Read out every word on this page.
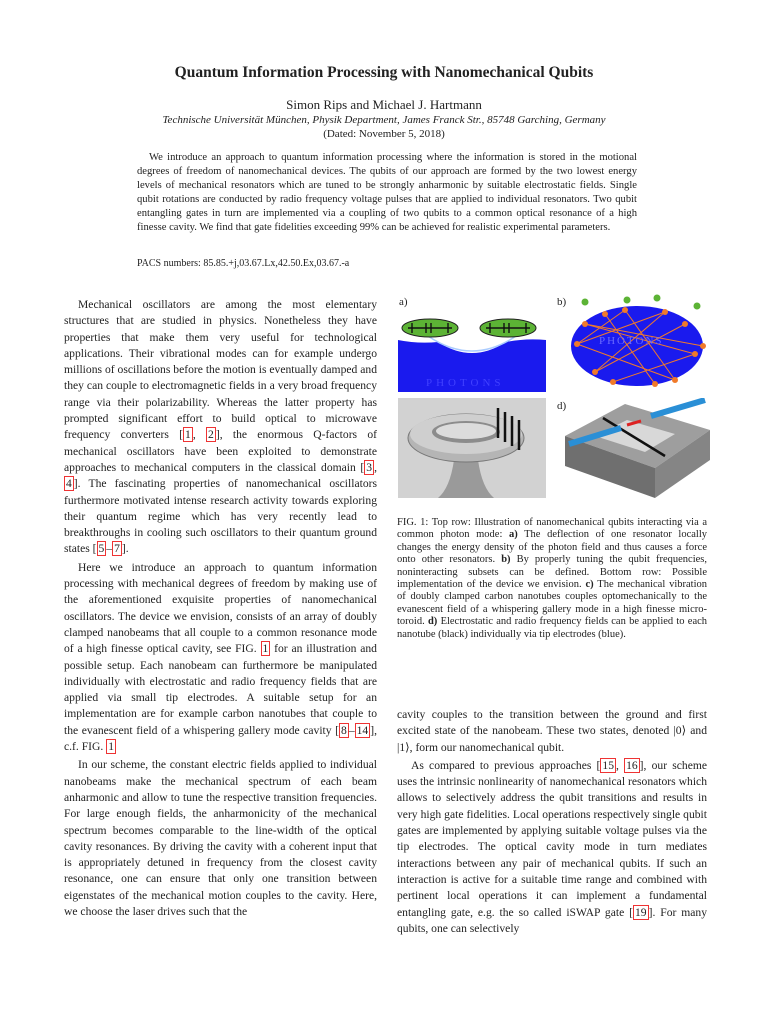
Quantum Information Processing with Nanomechanical Qubits
Simon Rips and Michael J. Hartmann
Technische Universität München, Physik Department, James Franck Str., 85748 Garching, Germany
(Dated: November 5, 2018)

We introduce an approach to quantum information processing where the information is stored in the motional degrees of freedom of nanomechanical devices. The qubits of our approach are formed by the two lowest energy levels of mechanical resonators which are tuned to be strongly anharmonic by suitable electrostatic fields. Single qubit rotations are conducted by radio frequency voltage pulses that are applied to individual resonators. Two qubit entangling gates in turn are implemented via a coupling of two qubits to a common optical resonance of a high finesse cavity. We find that gate fidelities exceeding 99% can be achieved for realistic experimental parameters.

PACS numbers: 85.85.+j,03.67.Lx,42.50.Ex,03.67.-a

Mechanical oscillators are among the most elementary structures that are studied in physics. Nonetheless they have properties that make them very useful for technological applications. Their vibrational modes can for example undergo millions of oscillations before the motion is eventually damped and they can couple to electromagnetic fields in a very broad frequency range via their polarizability. Whereas the latter property has prompted significant effort to build optical to microwave frequency converters [ 1 , 2 ], the enormous Q-factors of mechanical oscillators have been exploited to demonstrate approaches to mechanical computers in the classical domain [ 3 , 4 ]. The fascinating properties of nanomechanical oscillators furthermore motivated intense research activity towards exploring their quantum regime which has very recently lead to breakthroughs in cooling such oscillators to their quantum ground states [ 5 – 7 ].

Here we introduce an approach to quantum information processing with mechanical degrees of freedom by making use of the aforementioned exquisite properties of nanomechanical oscillators. The device we envision, consists of an array of doubly clamped nanobeams that all couple to a common resonance mode of a high finesse optical cavity, see FIG. 1 for an illustration and possible setup. Each nanobeam can furthermore be manipulated individually with electrostatic and radio frequency fields that are applied via small tip electrodes. A suitable setup for an implementation are for example carbon nanotubes that couple to the evanescent field of a whispering gallery mode cavity [ 8 – 14 ], c.f. FIG. 1

In our scheme, the constant electric fields applied to individual nanobeams make the mechanical spectrum of each beam anharmonic and allow to tune the respective transition frequencies. For large enough fields, the anharmonicity of the mechanical spectrum becomes comparable to the line-width of the optical cavity resonances. By driving the cavity with a coherent input that is appropriately detuned in frequency from the closest cavity resonance, one can ensure that only one transition between eigenstates of the mechanical motion couples to the cavity. Here, we choose the laser drives such that the

a)	b)
d)
PHOTONS
PHOTONS

FIG. 1: Top row: Illustration of nanomechanical qubits interacting via a common photon mode: a) The deflection of one resonator locally changes the energy density of the photon field and thus causes a force onto other resonators. b) By properly tuning the qubit frequencies, noninteracting subsets can be defined. Bottom row: Possible implementation of the device we envision. c) The mechanical vibration of doubly clamped carbon nanotubes couples optomechanically to the evanescent field of a whispering gallery mode in a high finesse micro-toroid. d) Electrostatic and radio frequency fields can be applied to each nanotube (black) individually via tip electrodes (blue).

cavity couples to the transition between the ground and first excited state of the nanobeam. These two states, denoted |0⟩ and |1⟩, form our nanomechanical qubit.

As compared to previous approaches [ 15 , 16 ], our scheme uses the intrinsic nonlinearity of nanomechanical resonators which allows to selectively address the qubit transitions and results in very high gate fidelities. Local operations respectively single qubit gates are implemented by applying suitable voltage pulses via the tip electrodes. The optical cavity mode in turn mediates interactions between any pair of mechanical qubits. If such an interaction is active for a suitable time range and combined with pertinent local operations it can implement a fundamental entangling gate, e.g. the so called iSWAP gate [ 19 ]. For many qubits, one can selectively
